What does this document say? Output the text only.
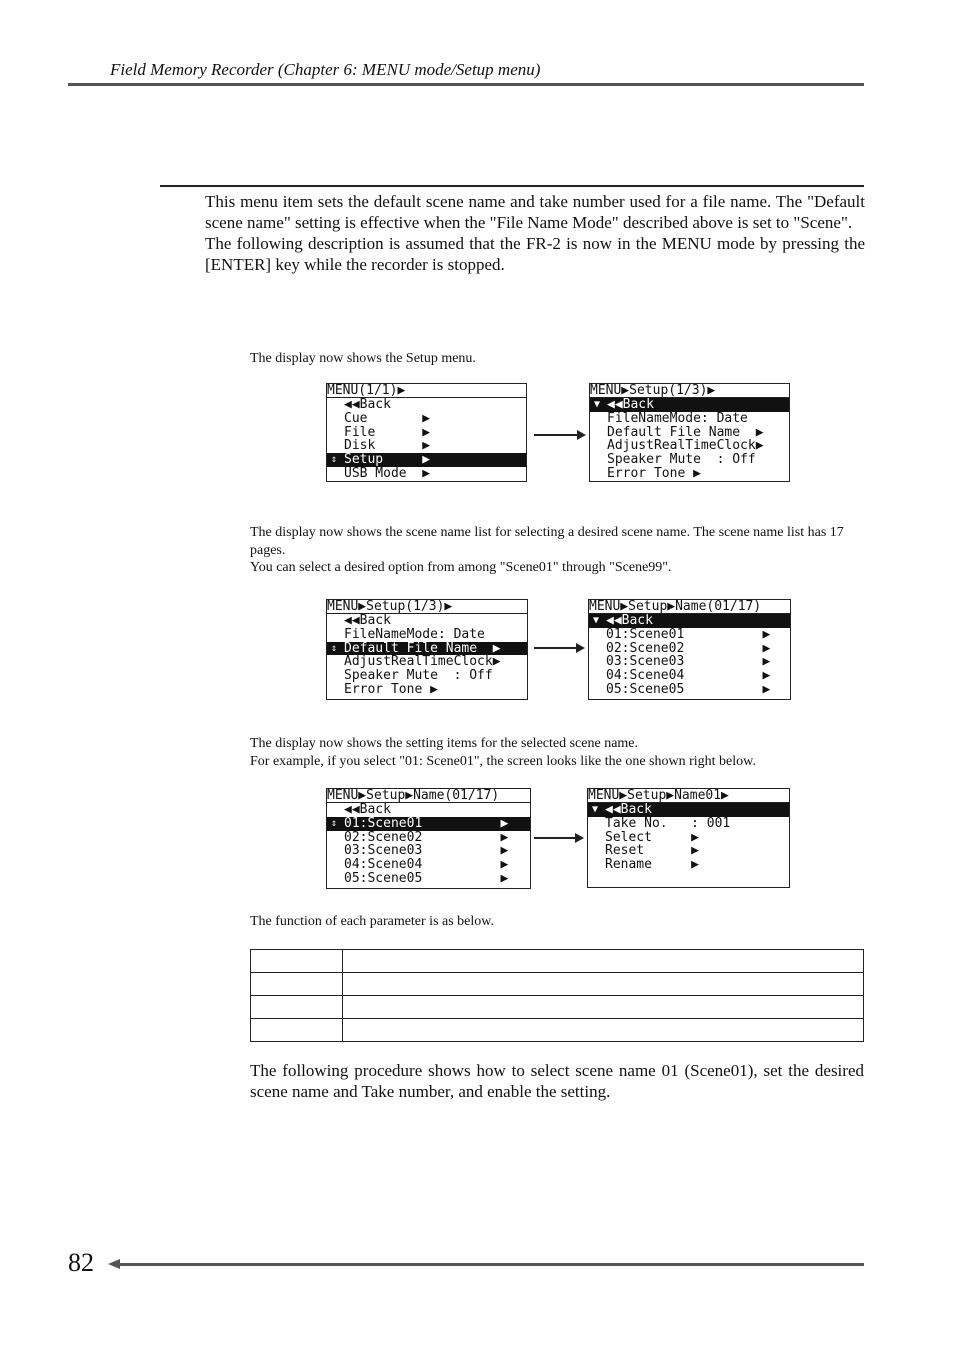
Field Memory Recorder (Chapter 6: MENU mode/Setup menu)

This menu item sets the default scene name and take number used for a file name. The "Default scene name" setting is effective when the "File Name Mode" described above is set to "Scene".

The following description is assumed that the FR-2 is now in the MENU mode by pressing the [ENTER] key while the recorder is stopped.

The display now shows the Setup menu.

MENU(1/1)▶
◀◀Back
Cue       ▶
File      ▶
Disk      ▶
⇕ Setup     ▶
USB Mode  ▶
MENU▶Setup(1/3)▶
▼ ◀◀Back
FileNameMode: Date
Default File Name  ▶
AdjustRealTimeClock▶
Speaker Mute  : Off
Error Tone ▶

The display now shows the scene name list for selecting a desired scene name. The scene name list has 17 pages.

You can select a desired option from among "Scene01" through "Scene99".

MENU▶Setup(1/3)▶
◀◀Back
FileNameMode: Date
⇕ Default File Name  ▶
AdjustRealTimeClock▶
Speaker Mute  : Off
Error Tone ▶
MENU▶Setup▶Name(01/17)
▼ ◀◀Back
01:Scene01          ▶
02:Scene02          ▶
03:Scene03          ▶
04:Scene04          ▶
05:Scene05          ▶

The display now shows the setting items for the selected scene name.

For example, if you select "01: Scene01", the screen looks like the one shown right below.

MENU▶Setup▶Name(01/17)
◀◀Back
⇕ 01:Scene01          ▶
02:Scene02          ▶
03:Scene03          ▶
04:Scene04          ▶
05:Scene05          ▶
MENU▶Setup▶Name01▶
▼ ◀◀Back
Take No.   : 001
Select     ▶
Reset      ▶
Rename     ▶

The function of each parameter is as below.

The following procedure shows how to select scene name 01 (Scene01), set the desired scene name and Take number, and enable the setting.
82
